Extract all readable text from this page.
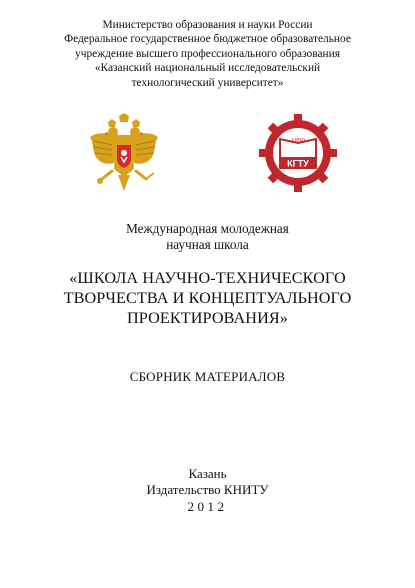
Министерство образования и науки России
Федеральное государственное бюджетное образовательное
учреждение высшего профессионального образования
«Казанский национальный исследовательский
технологический университет»
1890
КГТУ
Международная молодежная
научная школа
«ШКОЛА НАУЧНО-ТЕХНИЧЕСКОГО
ТВОРЧЕСТВА И КОНЦЕПТУАЛЬНОГО
ПРОЕКТИРОВАНИЯ»
СБОРНИК МАТЕРИАЛОВ
Казань
Издательство КНИТУ
2012
